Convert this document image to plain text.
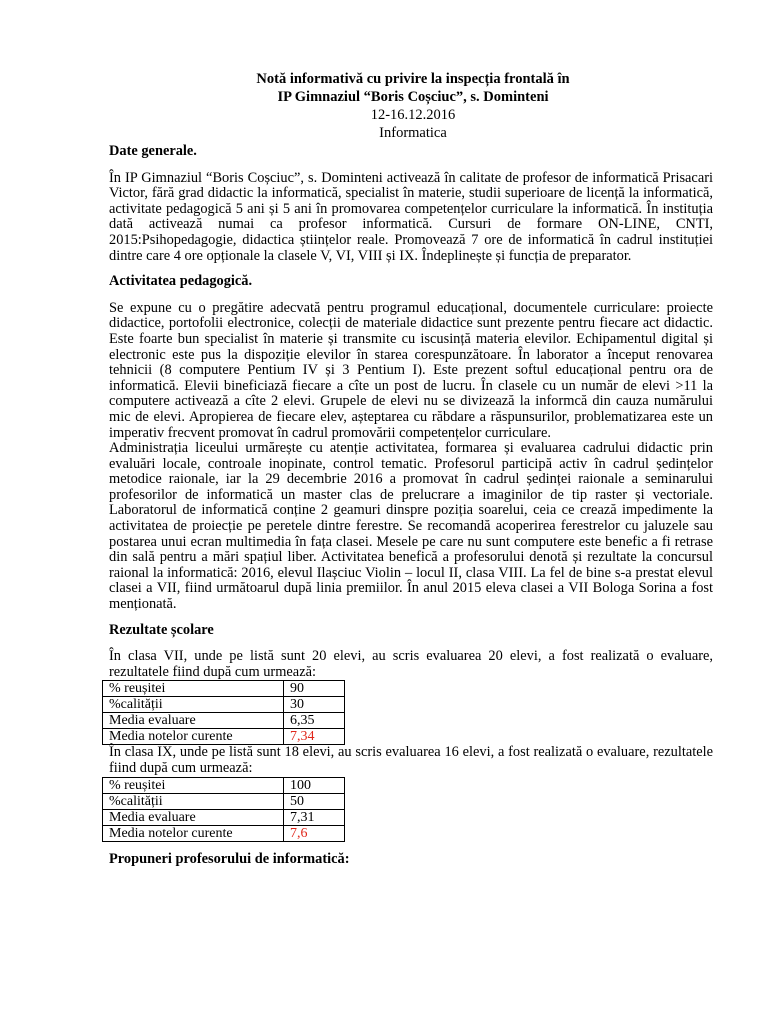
Notă informativă cu privire la inspecția frontală în
IP Gimnaziul “Boris Coșciuc”, s. Dominteni
12-16.12.2016
Informatica
Date generale.

În IP Gimnaziul “Boris Coșciuc”, s. Dominteni activează în calitate de profesor de informatică Prisacari Victor, fără grad didactic la informatică, specialist în materie, studii superioare de licență la informatică, activitate pedagogică 5 ani și 5 ani în promovarea competențelor curriculare la informatică. În instituția dată activează numai ca profesor informatică. Cursuri de formare ON-LINE, CNTI, 2015:Psihopedagogie, didactica științelor reale. Promovează 7 ore de informatică în cadrul instituției dintre care 4 ore opționale la clasele V, VI, VIII și IX. Îndeplinește și funcția de preparator.

Activitatea pedagogică.

Se expune cu o pregătire adecvată pentru programul educațional, documentele curriculare: proiecte didactice, portofolii electronice, colecții de materiale didactice sunt prezente pentru fiecare act didactic. Este foarte bun specialist în materie și transmite cu iscusință materia elevilor. Echipamentul digital și electronic este pus la dispoziție elevilor în starea corespunzătoare. În laborator a început renovarea tehnicii (8 computere Pentium IV și 3 Pentium I). Este prezent softul educațional pentru ora de informatică. Elevii bineficiază fiecare a cîte un post de lucru. În clasele cu un număr de elevi >11 la computere activează a cîte 2 elevi. Grupele de elevi nu se divizează la informcă din cauza numărului mic de elevi. Apropierea de fiecare elev, așteptarea cu răbdare a răspunsurilor, problematizarea este un imperativ frecvent promovat în cadrul promovării competențelor curriculare.

Administrația liceului urmărește cu atenție activitatea, formarea și evaluarea cadrului didactic prin evaluări locale, controale inopinate, control tematic. Profesorul participă activ în cadrul ședințelor metodice raionale, iar la 29 decembrie 2016 a promovat în cadrul ședinței raionale a seminarului profesorilor de informatică un master clas de prelucrare a imaginilor de tip raster și vectoriale. Laboratorul de informatică conține 2 geamuri dinspre poziția soarelui, ceia ce crează impedimente la activitatea de proiecție pe peretele dintre ferestre. Se recomandă acoperirea ferestrelor cu jaluzele sau postarea unui ecran multimedia în fața clasei. Mesele pe care nu sunt computere este benefic a fi retrase din sală pentru a mări spațiul liber. Activitatea benefică a profesorului denotă și rezultate la concursul raional la informatică: 2016, elevul Ilașciuc Violin – locul II, clasa VIII. La fel de bine s-a prestat elevul clasei a VII, fiind următoarul după linia premiilor. În anul 2015 eleva clasei a VII Bologa Sorina a fost menționată.

Rezultate școlare

În clasa VII, unde pe listă sunt 20 elevi, au scris evaluarea 20 elevi, a fost realizată o evaluare, rezultatele fiind după cum urmează:

% reușitei	90
%calității	30
Media evaluare	6,35
Media notelor curente	7,34

În clasa IX, unde pe listă sunt 18 elevi, au scris evaluarea 16 elevi, a fost realizată o evaluare, rezultatele fiind după cum urmează:

% reușitei	100
%calității	50
Media evaluare	7,31
Media notelor curente	7,6
Propuneri profesorului de informatică:
